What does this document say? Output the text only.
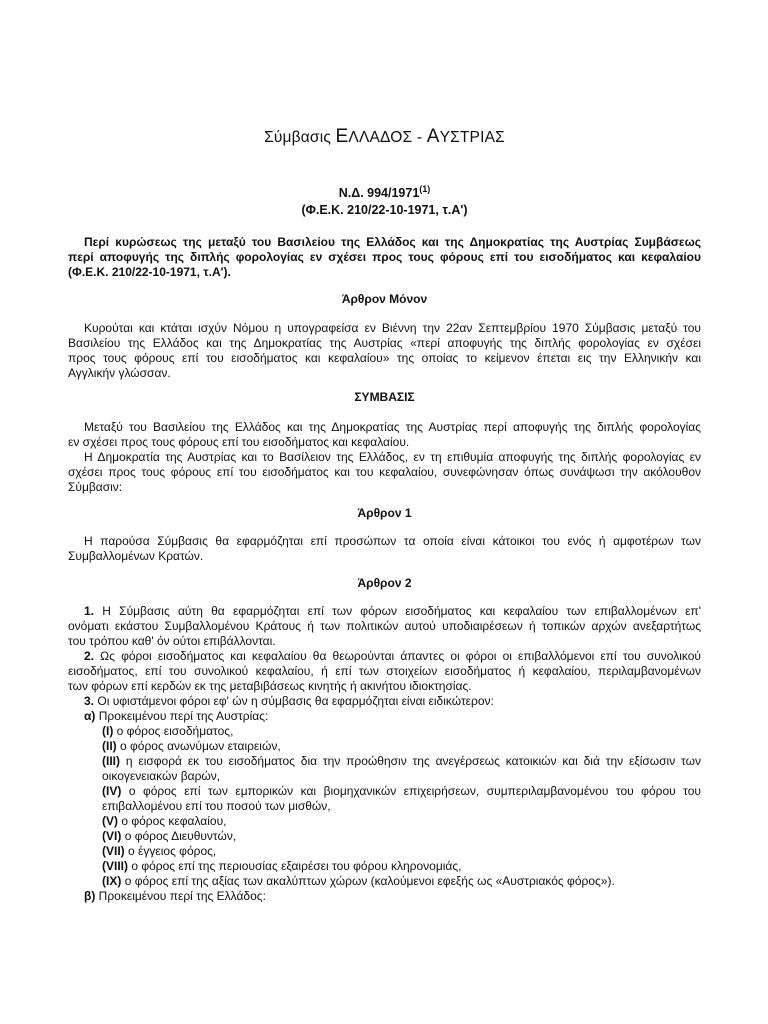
Σύμβασις ΕΛΛΑΔΟΣ - ΑΥΣΤΡΙΑΣ
Ν.Δ. 994/1971$^{(1)}$
(Φ.Ε.Κ. 210/22-10-1971, τ.Α')
Περί κυρώσεως της μεταξύ του Βασιλείου της Ελλάδος και της Δημοκρατίας της Αυστρίας Συμβάσεως
περί αποφυγής της διπλής φορολογίας εν σχέσει προς τους φόρους επί του εισοδήματος και κεφαλαίου
(Φ.Ε.Κ. 210/22-10-1971, τ.Α').
Άρθρον Μόνον
Κυρούται και κτάται ισχύν Νόμου η υπογραφείσα εν Βιέννη την 22αν Σεπτεμβρίου 1970 Σύμβασις μεταξύ του
Βασιλείου της Ελλάδος και της Δημοκρατίας της Αυστρίας «περί αποφυγής της διπλής φορολογίας εν σχέσει
προς τους φόρους επί του εισοδήματος και κεφαλαίου» της οποίας το κείμενον έπεται εις την Ελληνικήν και
Αγγλικήν γλώσσαν.
ΣΥΜΒΑΣΙΣ
Μεταξύ του Βασιλείου της Ελλάδος και της Δημοκρατίας της Αυστρίας περί αποφυγής της διπλής φορολογίας
εν σχέσει προς τους φόρους επί του εισοδήματος και κεφαλαίου.
Η Δημοκρατία της Αυστρίας και το Βασίλειον της Ελλάδος, εν τη επιθυμία αποφυγής της διπλής φορολογίας εν
σχέσει προς τους φόρους επί του εισοδήματος και του κεφαλαίου, συνεφώνησαν όπως συνάψωσι την ακόλουθον
Σύμβασιν:
Άρθρον 1
Η παρούσα Σύμβασις θα εφαρμόζηται επί προσώπων τα οποία είναι κάτοικοι του ενός ή αμφοτέρων των
Συμβαλλομένων Κρατών.
Άρθρον 2
1. Η Σύμβασις αύτη θα εφαρμόζηται επί των φόρων εισοδήματος και κεφαλαίου των επιβαλλομένων επ'
ονόματι εκάστου Συμβαλλομένου Κράτους ή των πολιτικών αυτού υποδιαιρέσεων ή τοπικών αρχών ανεξαρτήτως
του τρόπου καθ' όν ούτοι επιβάλλονται.
2. Ως φόροι εισοδήματος και κεφαλαίου θα θεωρούνται άπαντες οι φόροι οι επιβαλλόμενοι επί του συνολικού
εισοδήματος, επί του συνολικού κεφαλαίου, ή επί των στοιχείων εισοδήματος ή κεφαλαίου, περιλαμβανομένων
των φόρων επί κερδών εκ της μεταβιβάσεως κινητής ή ακινήτου ιδιοκτησίας.
3. Οι υφιστάμενοι φόροι εφ' ών η σύμβασις θα εφαρμόζηται είναι ειδικώτερον:
α) Προκειμένου περί της Αυστρίας:
(I) ο φόρος εισοδήματος,
(II) ο φόρος ανωνύμων εταιρειών,
(III) η εισφορά εκ του εισοδήματος δια την προώθησιν της ανεγέρσεως κατοικιών και διά την εξίσωσιν των
οικογενειακών βαρών,
(IV) ο φόρος επί των εμπορικών και βιομηχανικών επιχειρήσεων, συμπεριλαμβανομένου του φόρου του
επιβαλλομένου επί του ποσού των μισθών,
(V) ο φόρος κεφαλαίου,
(VI) ο φόρος Διευθυντών,
(VII) ο έγγειος φόρος,
(VIII) ο φόρος επί της περιουσίας εξαιρέσει του φόρου κληρονομιάς,
(IX) ο φόρος επί της αξίας των ακαλύπτων χώρων (καλούμενοι εφεξής ως «Αυστριακός φόρος»).
β) Προκειμένου περί της Ελλάδος:
